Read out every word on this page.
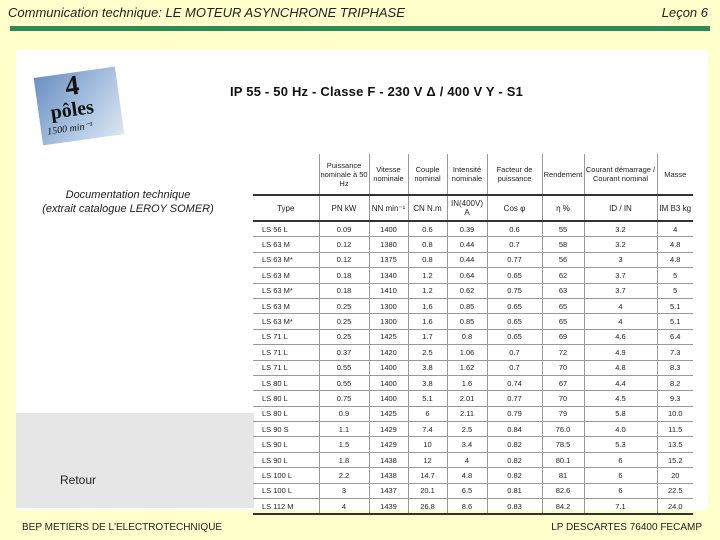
Communication technique: LE MOTEUR ASYNCHRONE TRIPHASE	Leçon 6
4
pôles
1500 min⁻¹
IP 55 - 50 Hz - Classe F - 230 V Δ / 400 V Y - S1
Documentation technique
(extrait catalogue LEROY SOMER)
Retour
	Puissance nominale à 50 Hz	Vitesse nominale	Couple nominal	Intensité nominale	Facteur de puissance	Rendement	Courant démarrage / Courant nominal	Masse
Type	PN kW	NN min⁻¹	CN N.m	IN(400V) A	Cos φ	η %	ID / IN	IM B3 kg
LS 56 L	0.09	1400	0.6	0.39	0.6	55	3.2	4
LS 63 M	0.12	1380	0.8	0.44	0.7	58	3.2	4.8
LS 63 M*	0.12	1375	0.8	0.44	0.77	56	3	4.8
LS 63 M	0.18	1340	1.2	0.64	0.65	62	3.7	5
LS 63 M*	0.18	1410	1.2	0.62	0.75	63	3.7	5
LS 63 M	0.25	1300	1.6	0.85	0.65	65	4	5.1
LS 63 M*	0.25	1300	1.6	0.85	0.65	65	4	5.1
LS 71 L	0.25	1425	1.7	0.8	0.65	69	4.6	6.4
LS 71 L	0.37	1420	2.5	1.06	0.7	72	4.9	7.3
LS 71 L	0.55	1400	3.8	1.62	0.7	70	4.8	8.3
LS 80 L	0.55	1400	3.8	1.6	0.74	67	4.4	8.2
LS 80 L	0.75	1400	5.1	2.01	0.77	70	4.5	9.3
LS 80 L	0.9	1425	6	2.11	0.79	79	5.8	10.0
LS 90 S	1.1	1429	7.4	2.5	0.84	76.0	4.0	11.5
LS 90 L	1.5	1429	10	3.4	0.82	78.5	5.3	13.5
LS 90 L	1.8	1438	12	4	0.82	80.1	6	15.2
LS 100 L	2.2	1438	14.7	4.8	0.82	81	6	20
LS 100 L	3	1437	20.1	6.5	0.81	82.6	6	22.5
LS 112 M	4	1439	26.8	8.6	0.83	84.2	7.1	24.0
BEP METIERS DE L'ELECTROTECHNIQUE	LP DESCARTES 76400 FECAMP
